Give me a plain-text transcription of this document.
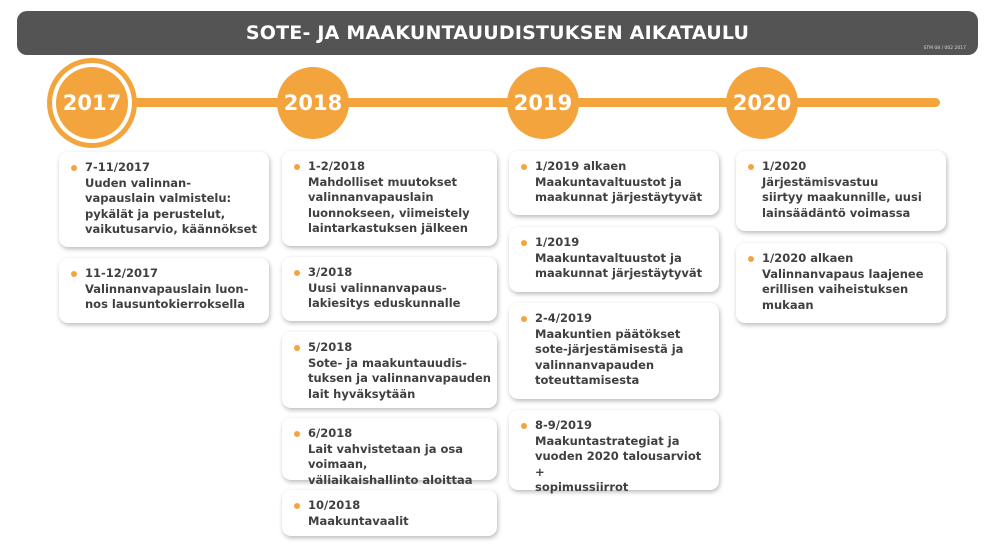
SOTE- JA MAAKUNTAUUDISTUKSEN AIKATAULU
STM 08 / 002 2017
2017	2018	2019	2020
7-11/2017
Uuden valinnan-
vapauslain valmistelu:
pykälät ja perustelut,
vaikutusarvio, käännökset
11-12/2017
Valinnanvapauslain luon-
nos lausuntokierroksella
1-2/2018
Mahdolliset muutokset
valinnanvapauslain
luonnokseen, viimeistely
laintarkastuksen jälkeen
3/2018
Uusi valinnanvapaus-
lakiesitys eduskunnalle
5/2018
Sote- ja maakuntauudis-
tuksen ja valinnanvapauden
lait hyväksytään
6/2018
Lait vahvistetaan ja osa voimaan,
väliaikaishallinto aloittaa
10/2018
Maakuntavaalit
1/2019 alkaen
Maakuntavaltuustot ja
maakunnat järjestäytyvät
1/2019
Maakuntavaltuustot ja
maakunnat järjestäytyvät
2-4/2019
Maakuntien päätökset
sote-järjestämisestä ja
valinnanvapauden
toteuttamisesta
8-9/2019
Maakuntastrategiat ja
vuoden 2020 talousarviot +
sopimussiirrot
1/2020
Järjestämisvastuu
siirtyy maakunnille, uusi
lainsäädäntö voimassa
1/2020 alkaen
Valinnanvapaus laajenee
erillisen vaiheistuksen
mukaan
